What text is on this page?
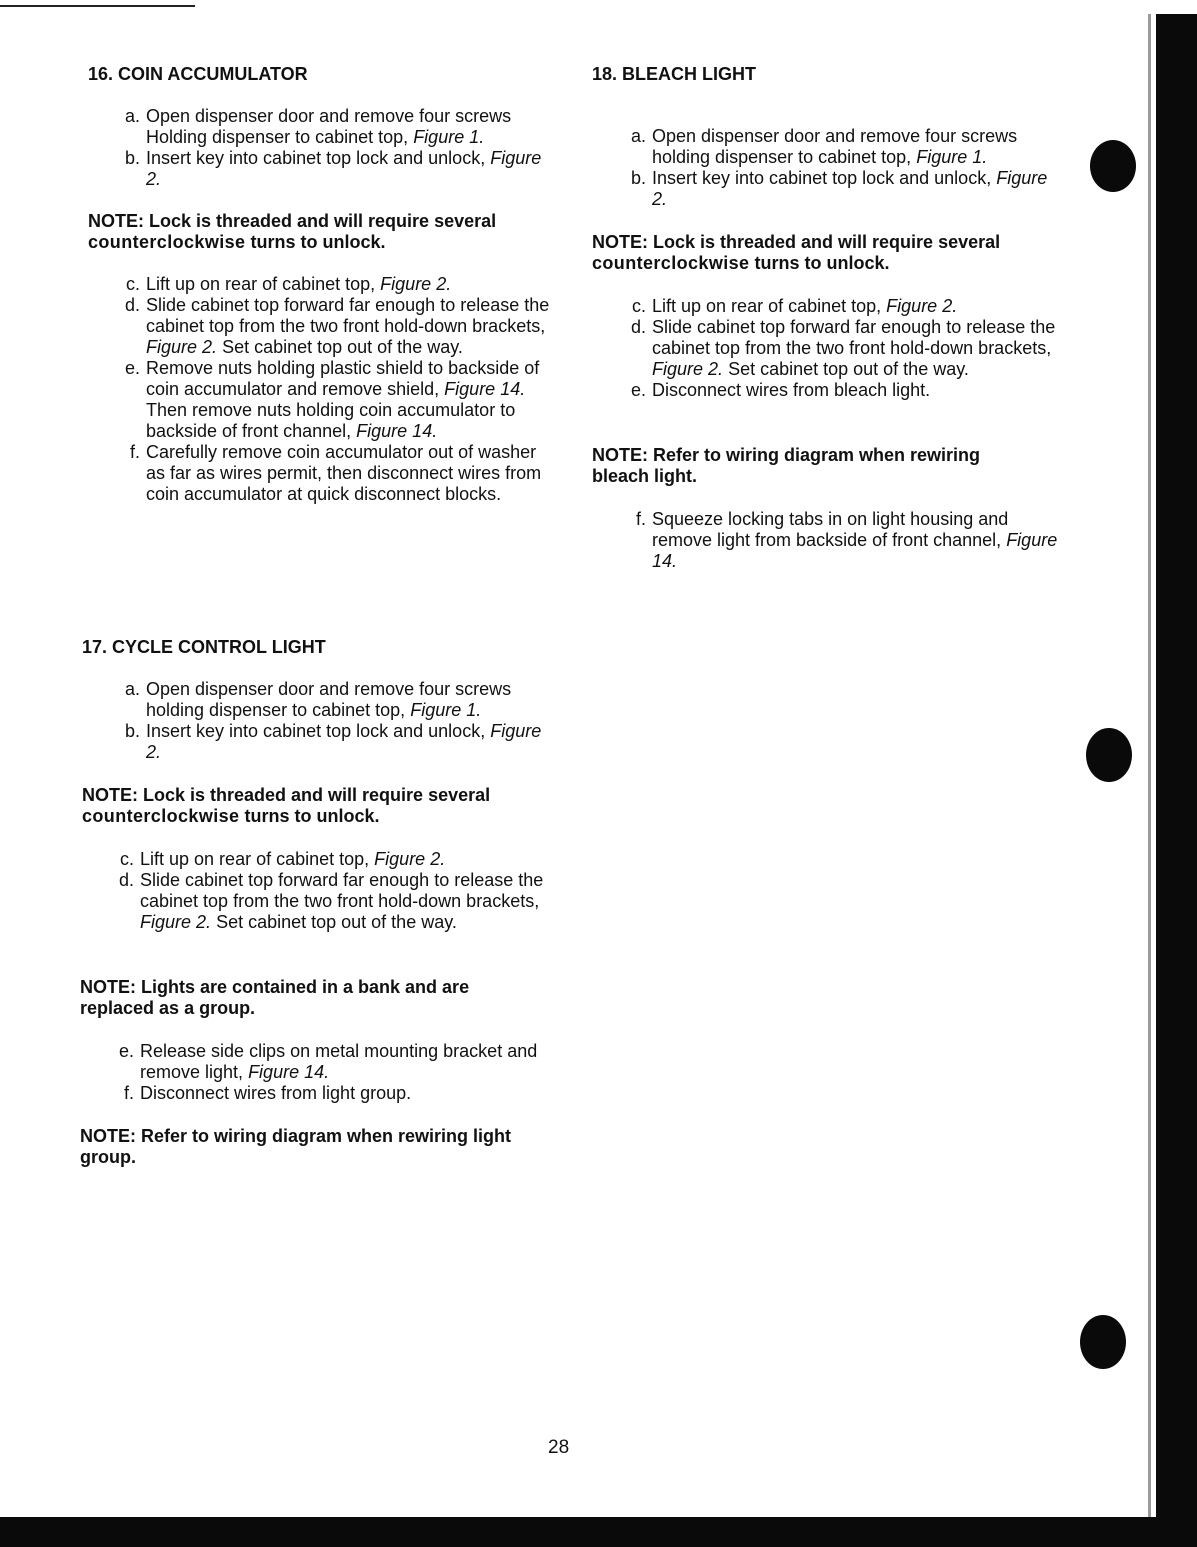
16. COIN ACCUMULATOR
a. Open dispenser door and remove four screws Holding dispenser to cabinet top, Figure 1.
b. Insert key into cabinet top lock and unlock, Figure 2.
NOTE: Lock is threaded and will require several counterclockwise turns to unlock.
c. Lift up on rear of cabinet top, Figure 2.
d. Slide cabinet top forward far enough to release the cabinet top from the two front hold-down brackets, Figure 2. Set cabinet top out of the way.
e. Remove nuts holding plastic shield to backside of coin accumulator and remove shield, Figure 14. Then remove nuts holding coin accumulator to backside of front channel, Figure 14.
f. Carefully remove coin accumulator out of washer as far as wires permit, then disconnect wires from coin accumulator at quick disconnect blocks.
17. CYCLE CONTROL LIGHT
a. Open dispenser door and remove four screws holding dispenser to cabinet top, Figure 1.
b. Insert key into cabinet top lock and unlock, Figure 2.
NOTE: Lock is threaded and will require several counterclockwise turns to unlock.
c. Lift up on rear of cabinet top, Figure 2.
d. Slide cabinet top forward far enough to release the cabinet top from the two front hold-down brackets, Figure 2. Set cabinet top out of the way.
NOTE: Lights are contained in a bank and are replaced as a group.
e. Release side clips on metal mounting bracket and remove light, Figure 14.
f. Disconnect wires from light group.
NOTE: Refer to wiring diagram when rewiring light group.
18. BLEACH LIGHT
a. Open dispenser door and remove four screws holding dispenser to cabinet top, Figure 1.
b. Insert key into cabinet top lock and unlock, Figure 2.
NOTE: Lock is threaded and will require several counterclockwise turns to unlock.
c. Lift up on rear of cabinet top, Figure 2.
d. Slide cabinet top forward far enough to release the cabinet top from the two front hold-down brackets, Figure 2. Set cabinet top out of the way.
e. Disconnect wires from bleach light.
NOTE: Refer to wiring diagram when rewiring bleach light.
f. Squeeze locking tabs in on light housing and remove light from backside of front channel, Figure 14.
28
